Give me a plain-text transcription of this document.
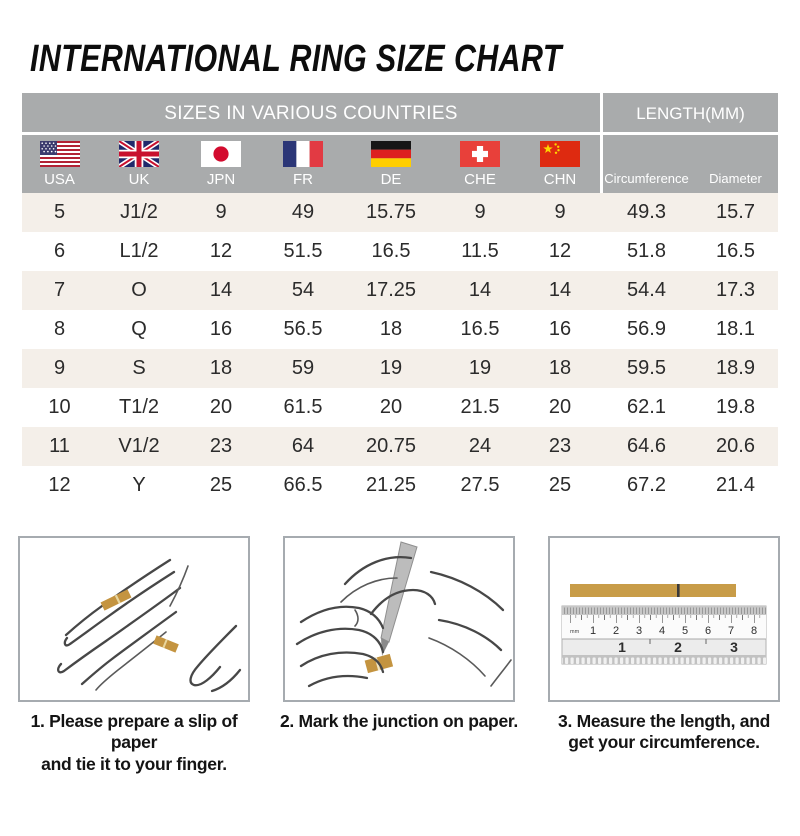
INTERNATIONAL RING SIZE CHART
SIZES IN VARIOUS COUNTRIES	LENGTH(MM)
USA	UK	JPN	FR	DE	CHE	CHN	Circumference	Diameter
5	J1/2	9	49	15.75	9	9	49.3	15.7
6	L1/2	12	51.5	16.5	11.5	12	51.8	16.5
7	O	14	54	17.25	14	14	54.4	17.3
8	Q	16	56.5	18	16.5	16	56.9	18.1
9	S	18	59	19	19	18	59.5	18.9
10	T1/2	20	61.5	20	21.5	20	62.1	19.8
11	V1/2	23	64	20.75	24	23	64.6	20.6
12	Y	25	66.5	21.25	27.5	25	67.2	21.4
mm 1 2 3 4 5 6 7 8
1	2	3
1. Please prepare a slip of paper
and tie it to your finger.
2. Mark the junction on paper.	3. Measure the length, and
get your circumference.
